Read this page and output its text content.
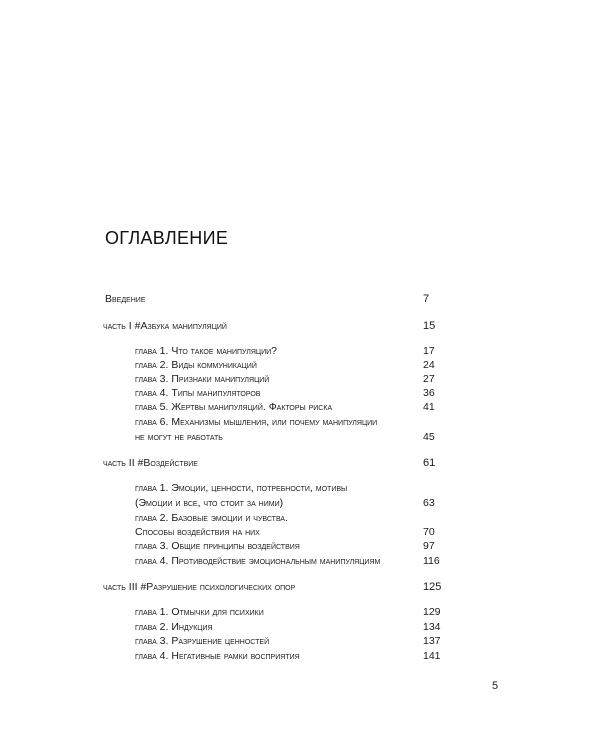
ОГЛАВЛЕНИЕ
Введение	7
часть I #Азбука манипуляций	15
глава 1. Что такое манипуляции?	17
глава 2. Виды коммуникаций	24
глава 3. Признаки манипуляций	27
глава 4. Типы манипуляторов	36
глава 5. Жертвы манипуляций. Факторы риска	41
глава 6. Механизмы мышления, или почему манипуляции
не могут не работать	45
часть II #Воздействие	61
глава 1. Эмоции, ценности, потребности, мотивы
(Эмоции и все, что стоит за ними)	63
глава 2. Базовые эмоции и чувства.
Способы воздействия на них	70
глава 3. Общие принципы воздействия	97
глава 4. Противодействие эмоциональным манипуляциям	116
часть III #Разрушение психологических опор	125
глава 1. Отмычки для психики	129
глава 2. Индукция	134
глава 3. Разрушение ценностей	137
глава 4. Негативные рамки восприятия	141
5
